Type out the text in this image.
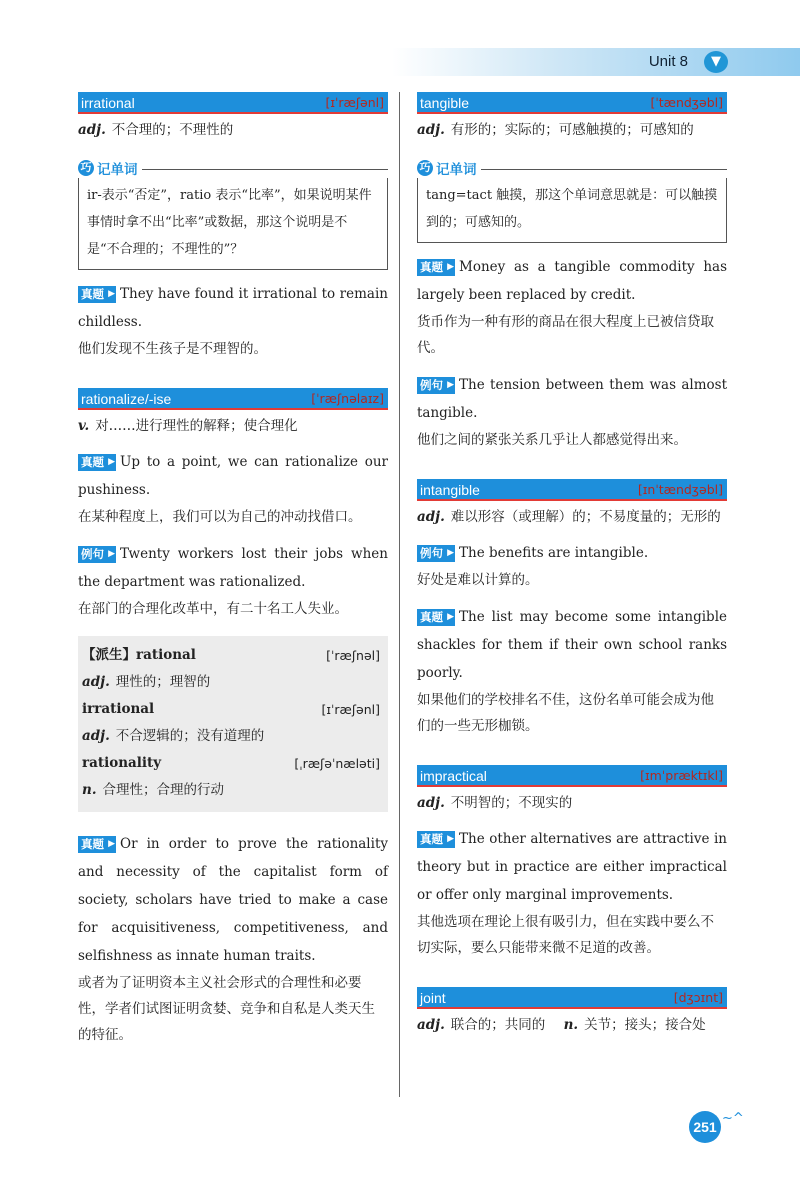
Unit 8	▼
irrational	[ɪˈræʃənl]
adj. 不合理的；不理性的
巧 记单词
ir-表示“否定”，ratio 表示“比率”，如果说明某件事情时拿不出“比率”或数据，那这个说明是不是“不合理的；不理性的”？
真题 ▶ They have found it irrational to remain childless.
他们发现不生孩子是不理智的。
rationalize/-ise	[ˈræʃnəlaɪz]
v. 对……进行理性的解释；使合理化
真题 ▶ Up to a point, we can rationalize our pushiness.
在某种程度上，我们可以为自己的冲动找借口。
例句 ▶ Twenty workers lost their jobs when the department was rationalized.
在部门的合理化改革中，有二十名工人失业。
【派生】rational	[ˈræʃnəl]
adj. 理性的；理智的
irrational	[ɪˈræʃənl]
adj. 不合逻辑的；没有道理的
rationality	[ˌræʃəˈnæləti]
n. 合理性；合理的行动
真题 ▶ Or in order to prove the rationality and necessity of the capitalist form of society, scholars have tried to make a case for acquisitiveness, competitiveness, and selfishness as innate human traits.
或者为了证明资本主义社会形式的合理性和必要性，学者们试图证明贪婪、竞争和自私是人类天生的特征。
tangible	[ˈtændʒəbl]
adj. 有形的；实际的；可感触摸的；可感知的
巧 记单词
tang=tact 触摸，那这个单词意思就是：可以触摸到的；可感知的。
真题 ▶ Money as a tangible commodity has largely been replaced by credit.
货币作为一种有形的商品在很大程度上已被信贷取代。
例句 ▶ The tension between them was almost tangible.
他们之间的紧张关系几乎让人都感觉得出来。
intangible	[ɪnˈtændʒəbl]
adj. 难以形容（或理解）的；不易度量的；无形的
例句 ▶ The benefits are intangible.
好处是难以计算的。
真题 ▶ The list may become some intangible shackles for them if their own school ranks poorly.
如果他们的学校排名不佳，这份名单可能会成为他们的一些无形枷锁。
impractical	[ɪmˈpræktɪkl]
adj. 不明智的；不现实的
真题 ▶ The other alternatives are attractive in theory but in practice are either impractical or offer only marginal improvements.
其他选项在理论上很有吸引力，但在实践中要么不切实际，要么只能带来微不足道的改善。
joint	[dʒɔɪnt]
adj. 联合的；共同的 n. 关节；接头；接合处
251
~^
